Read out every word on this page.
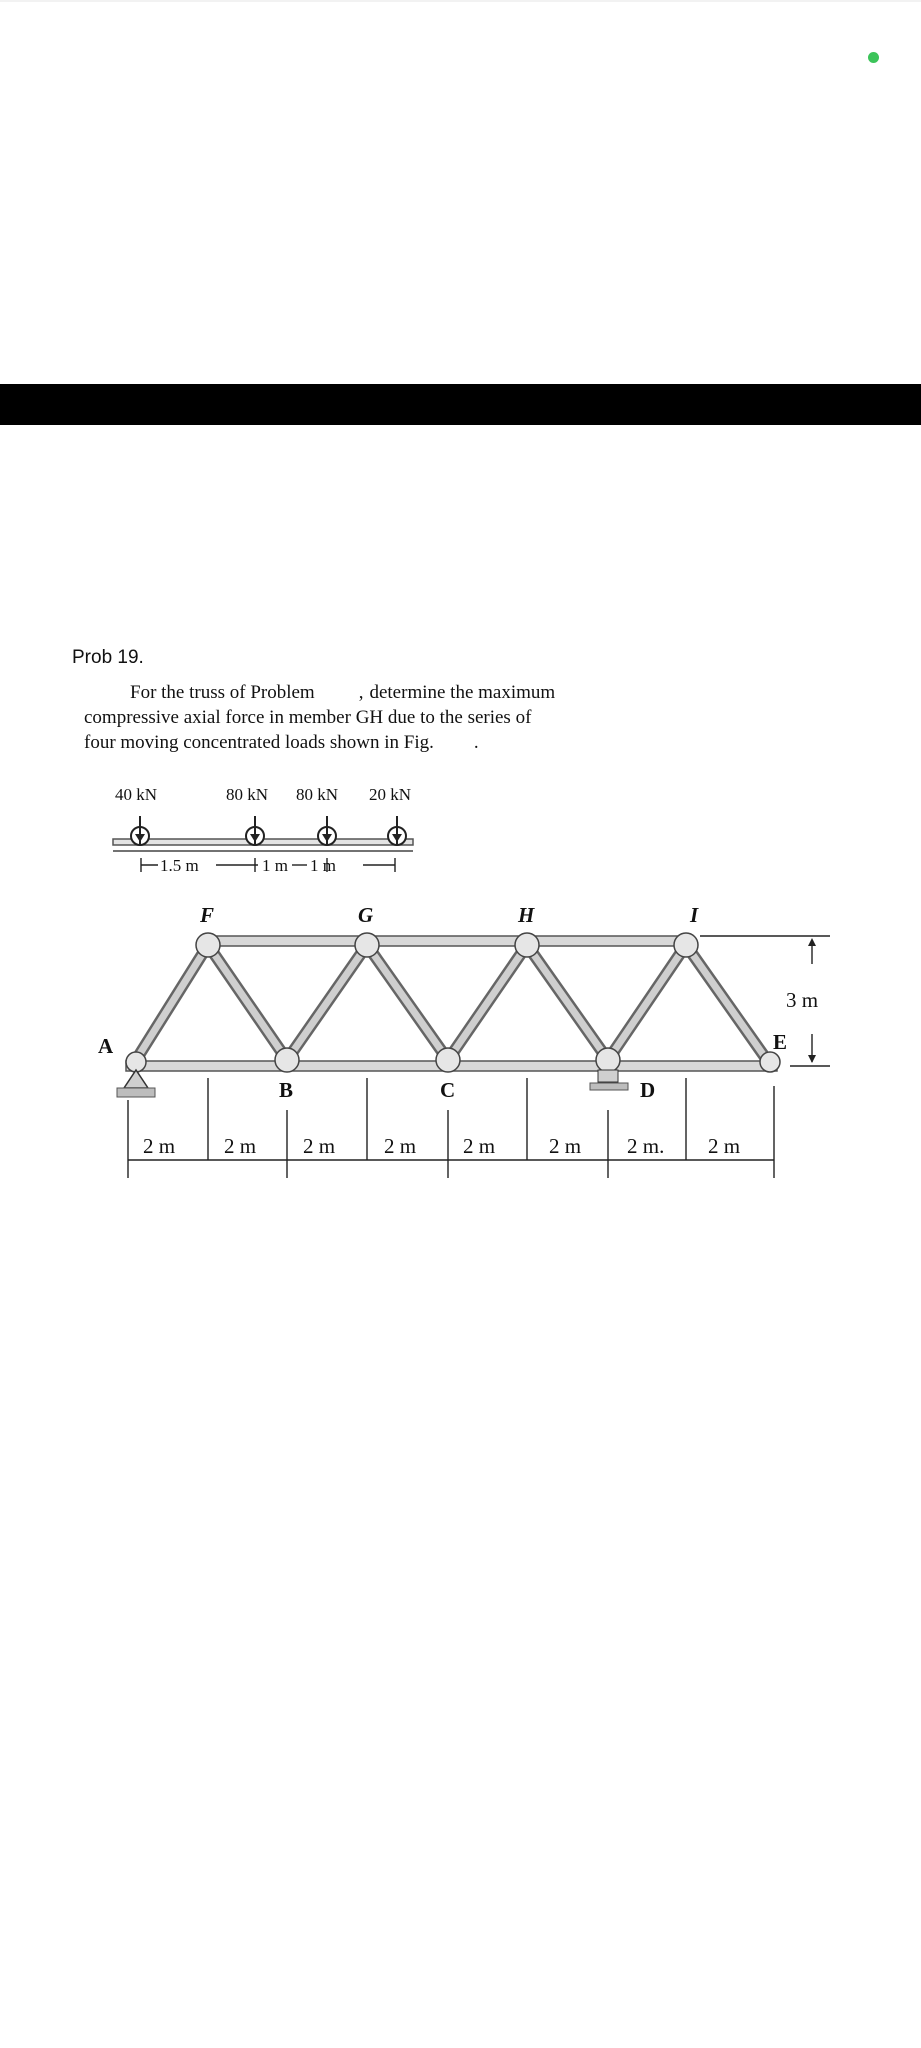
Prob 19.
For the truss of Problem , determine the maximum
compressive axial force in member GH due to the series of
four moving concentrated loads shown in Fig. .
40 kN	80 kN 80 kN 20 kN
1.5 m	1 m 1 m
F	G	H	I
A
B	C	D
E
3 m
2 m 2 m 2 m 2 m 2 m	2 m 2 m. 2 m
